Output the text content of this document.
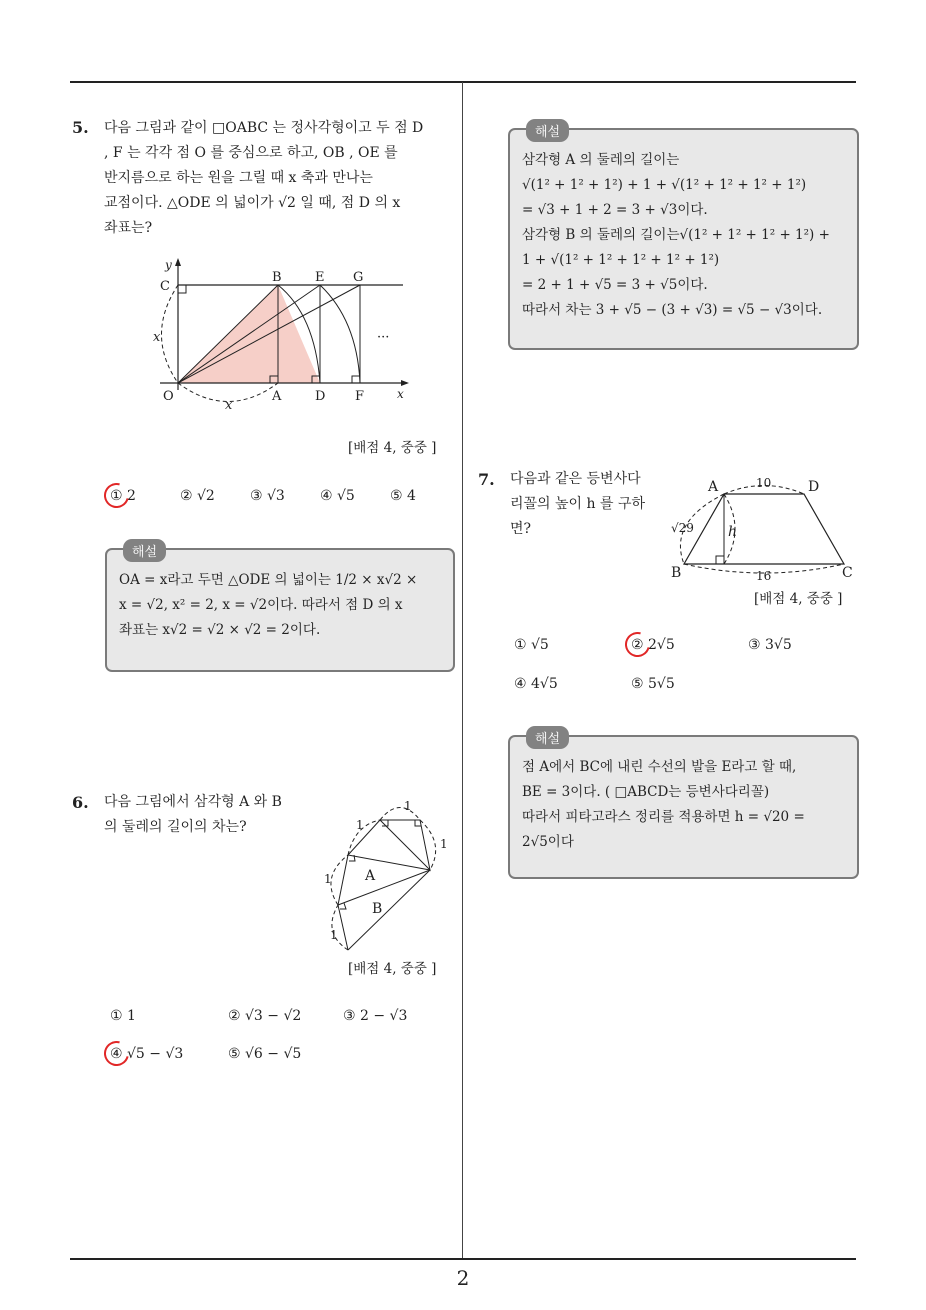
2
5. 다음 그림과 같이 □OABC 는 정사각형이고 두 점 D
, F 는 각각 점 O 를 중심으로 하고, OB , OE 를
반지름으로 하는 원을 그릴 때 x 축과 만나는
교점이다. △ODE 의 넓이가 √2 일 때, 점 D 의 x
좌표는?
y
C
B	E G
x	···
O	A	D F	x
x
[배점 4, 중중 ]
① 2	② √2	③ √3	④ √5	⑤ 4
해설
OA = x라고 두면 △ODE 의 넓이는 1/2 × x√2 ×
x = √2, x² = 2, x = √2이다. 따라서 점 D 의 x
좌표는 x√2 = √2 × √2 = 2이다.
6. 다음 그림에서 삼각형 A 와 B
의 둘레의 길이의 차는?
1
1
1
1
1
A
B
[배점 4, 중중 ]
① 1	② √3 − √2	③ 2 − √3
④ √5 − √3	⑤ √6 − √5
해설
삼각형 A 의 둘레의 길이는
√(1² + 1² + 1²) + 1 + √(1² + 1² + 1² + 1²)
= √3 + 1 + 2 = 3 + √3이다.
삼각형 B 의 둘레의 길이는√(1² + 1² + 1² + 1²) +
1 + √(1² + 1² + 1² + 1² + 1²)
= 2 + 1 + √5 = 3 + √5이다.
따라서 차는 3 + √5 − (3 + √3) = √5 − √3이다.
7. 다음과 같은 등변사다
리꼴의 높이 h 를 구하
면?
A	D
10
√29 h
B	C
16
[배점 4, 중중 ]
① √5	② 2√5	③ 3√5
④ 4√5	⑤ 5√5
해설
점 A에서 BC에 내린 수선의 발을 E라고 할 때,
BE = 3이다. ( □ABCD는 등변사다리꼴)
따라서 피타고라스 정리를 적용하면 h = √20 =
2√5이다
